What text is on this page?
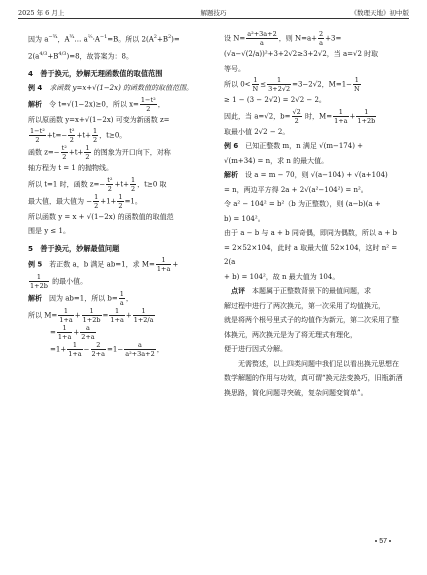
2025 年 6 月上	解题技巧	《数理天地》初中版

因为 $a^{-\frac{3}{4}}$，$A^{\frac{3}{4}}\dots$ $a^{\frac{2}{3}}\cdot A^{-1}=B$。所以 $2(A^2+B^2)=$

$2(a^{4/3}+B^{4/3})=8$，故答案为：8。

4　善于换元，妙解无理函数值的取值范围

例 4　 求函数 y=x+√(1−2x) 的函数值的取值范围。

解析　令 t=√(1−2x)≥0，所以 $x= \frac{\text{1−t²}}{2}$ ，

所以原函数 y=x+√(1−2x) 可变为新函数 z=

$\frac{\text{1−t²}}{2} +t=- \frac{\text{t²}}{2} +t+ \frac{1}{2}$ ，t≥0。

函数 $z=- \frac{\text{t²}}{2} +t+ \frac{1}{2}$ 的图象为开口向下，对称

轴方程为 t = 1 的抛物线。

所以 t=1 时，函数 $z=- \frac{\text{t²}}{2} +t+ \frac{1}{2}$ ，t≥0 取

最大值，最大值为 − $\frac{1}{2} +1+ \frac{1}{2} =1$。

所以函数 y = x + √(1−2x) 的函数值的取值范

围是 y ≤ 1。

5　善于换元，妙解最值问题

例 5　若正数 a，b 满足 ab=1，求 $M= \frac{1}{1+a}$ +

$\frac{1}{1+2b}$ 的最小值。

解析　因为 ab=1，所以 $b= \frac{1}{a}$ ，

所以 $M= \frac{1}{1+a} + \frac{1}{1+2b} = \frac{1}{1+a} + \frac{1}{1+2/a}$

= $\frac{1}{1+a} + \frac{a}{2+a}$

$=1+ \frac{1}{1+a} - \frac{2}{2+a} =1- \frac{a}{\text{a²+3a+2}}$ ，

设 $N= \frac{\text{a²+3a+2}}{a}$ ，则 $N=a+ \frac{2}{a} +3=$

(√a−√(2/a))²+3+2√2≥3+2√2，当 a=√2 时取

等号。

所以 $0< \frac{1}{N} \le \frac{1}{3+2√2} =3-2√2$，$M=1- \frac{1}{N}$

≥ 1 − (3 − 2√2) = 2√2 − 2。

因此，当 a=√2，$b= \frac{√2}{2}$ 时，$M= \frac{1}{1+a} + \frac{1}{1+2b}$

取最小值 2√2 − 2。

例 6　 已知正整数 m，n 满足 √(m−174) +

√(m+34) = n，求 n 的最大值。

解析　 设 a = m − 70，则 √(a−104) + √(a+104)

= n，两边平方得 2a + 2√(a²−104²) = n²。

令 a² − 104² = b²（b 为正整数），则 (a−b)(a +

b) = 104²。

由于 a − b 与 a + b 同奇偶，即同为偶数，所以 a + b

= 2×52×104，此时 a 取最大值 52×104，这时 n² = 2(a

+ b) = 104²，故 n 最大值为 104。

　点评　 本题属于正整数背景下的最值问题，求

解过程中进行了两次换元，第一次采用了均值换元，

就是将两个根号里式子的均值作为新元，第二次采用了整体换元，两次换元是为了将无理式有理化，

便于进行因式分解。

无需赘述，以上四类问题中我们足以看出换元思想在数学解题的作用与功效，真可谓“换元法变换巧，旧瓶新酒换思路，简化问题寻突破，复杂问题变简单”。

57
